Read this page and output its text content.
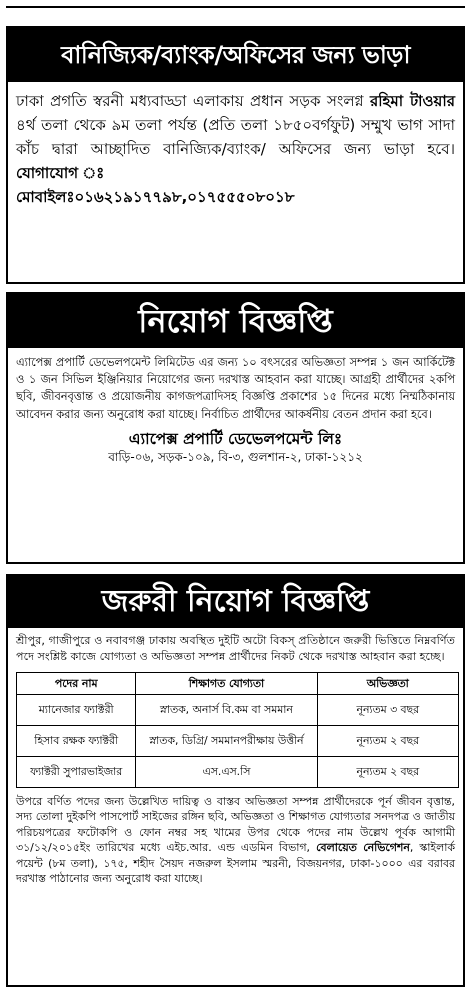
বানিজ্যিক/ব্যাংক/অফিসের জন্য ভাড়া
ঢাকা প্রগতি স্বরনী মধ্যবাড্ডা এলাকায় প্রধান সড়ক সংলগ্ন রহিমা টাওয়ার ৪র্থ তলা থেকে ৯ম তলা পর্যন্ত (প্রতি তলা ১৮৫০বর্গফুট) সম্মুখ ভাগ সাদা কাঁচ দ্বারা আচ্ছাদিত বানিজ্যিক/ব্যাংক/ অফিসের জন্য ভাড়া হবে। যোগাযোগ ঃ
মোবাইলঃ০১৬২১৯১৭৭৯৮,০১৭৫৫৫০৮০১৮
নিয়োগ বিজ্ঞপ্তি
এ্যাপেক্স প্রপার্টি ডেভেলপমেন্ট লিমিটেড এর জন্য ১০ বৎসরের অভিজ্ঞতা সম্পন্ন ১ জন আর্কিটেক্ট ও ১ জন সিভিল ইঞ্জিনিয়ার নিয়োগের জন্য দরখাস্ত আহবান করা যাচ্ছে। আগ্রহী প্রার্থীদের ২কপি ছবি, জীবনবৃত্তান্ত ও প্রয়োজনীয় কাগজপত্রাদিসহ বিজ্ঞপ্তি প্রকাশের ১৫ দিনের মধ্যে নিম্মঠিকানায় আবেদন করার জন্য অনুরোধ করা যাচ্ছে। নির্বাচিত প্রার্থীদের আকর্ষনীয় বেতন প্রদান করা হবে।
এ্যাপেক্স প্রপার্টি ডেভেলপমেন্ট লিঃ
বাড়ি-০৬, সড়ক-১০৯, বি-৩, গুলশান-২, ঢাকা-১২১২
জরুরী নিয়োগ বিজ্ঞপ্তি
শ্রীপুর, গাজীপুরে ও নবাবগঞ্জ ঢাকায় অবস্থিত দুইটি অটো বিকস্ প্রতিষ্ঠানে জরুরী ভিত্তিতে নিম্নবর্ণিত পদে সংশ্লিষ্ট কাজে যোগ্যতা ও অভিজ্ঞতা সম্পন্ন প্রার্থীদের নিকট থেকে দরখাস্ত আহবান করা হচ্ছে।
পদের নাম	শিক্ষাগত যোগ্যতা	অভিজ্ঞতা
ম্যানেজার ফ্যাক্টরী	স্নাতক, অনার্স বি.কম বা সমমান	নূন্যতম ৩ বছর
হিসাব রক্ষক ফ্যাক্টরী	স্নাতক, ডিগ্রি/ সমমানপরীক্ষায় উত্তীর্ন	নূন্যতম ২ বছর
ফ্যাক্টরী সুপারভাইজার	এস.এস.সি	নূন্যতম ২ বছর
উপরে বর্ণিত পদের জন্য উল্লেখিত দায়িত্ব ও বাস্তব অভিজ্ঞতা সম্পন্ন প্রার্থীদেরকে পূর্ন জীবন বৃত্তান্ত, সদ্য তোলা দুইকপি পাসপোর্ট সাইজের রঙ্গিন ছবি, অভিজ্ঞতা ও শিক্ষাগত যোগ্যতার সনদপত্র ও জাতীয় পরিচয়পত্রের ফটোকপি ও ফোন নম্বর সহ খামের উপর থেকে পদের নাম উল্লেখ পূর্বক আগামী ৩১/১২/২০১৫ইং তারিখের মধ্যে এইচ.আর. এন্ড এডমিন বিভাগ, বেলায়েত নেভিগেশন, স্কাইলার্ক পয়েন্ট (৮ম তলা), ১৭৫, শহীদ সৈয়দ নজরুল ইসলাম স্মরনী, বিজয়নগর, ঢাকা-১০০০ এর বরাবর দরখাস্ত পাঠানোর জন্য অনুরোধ করা যাচ্ছে।
